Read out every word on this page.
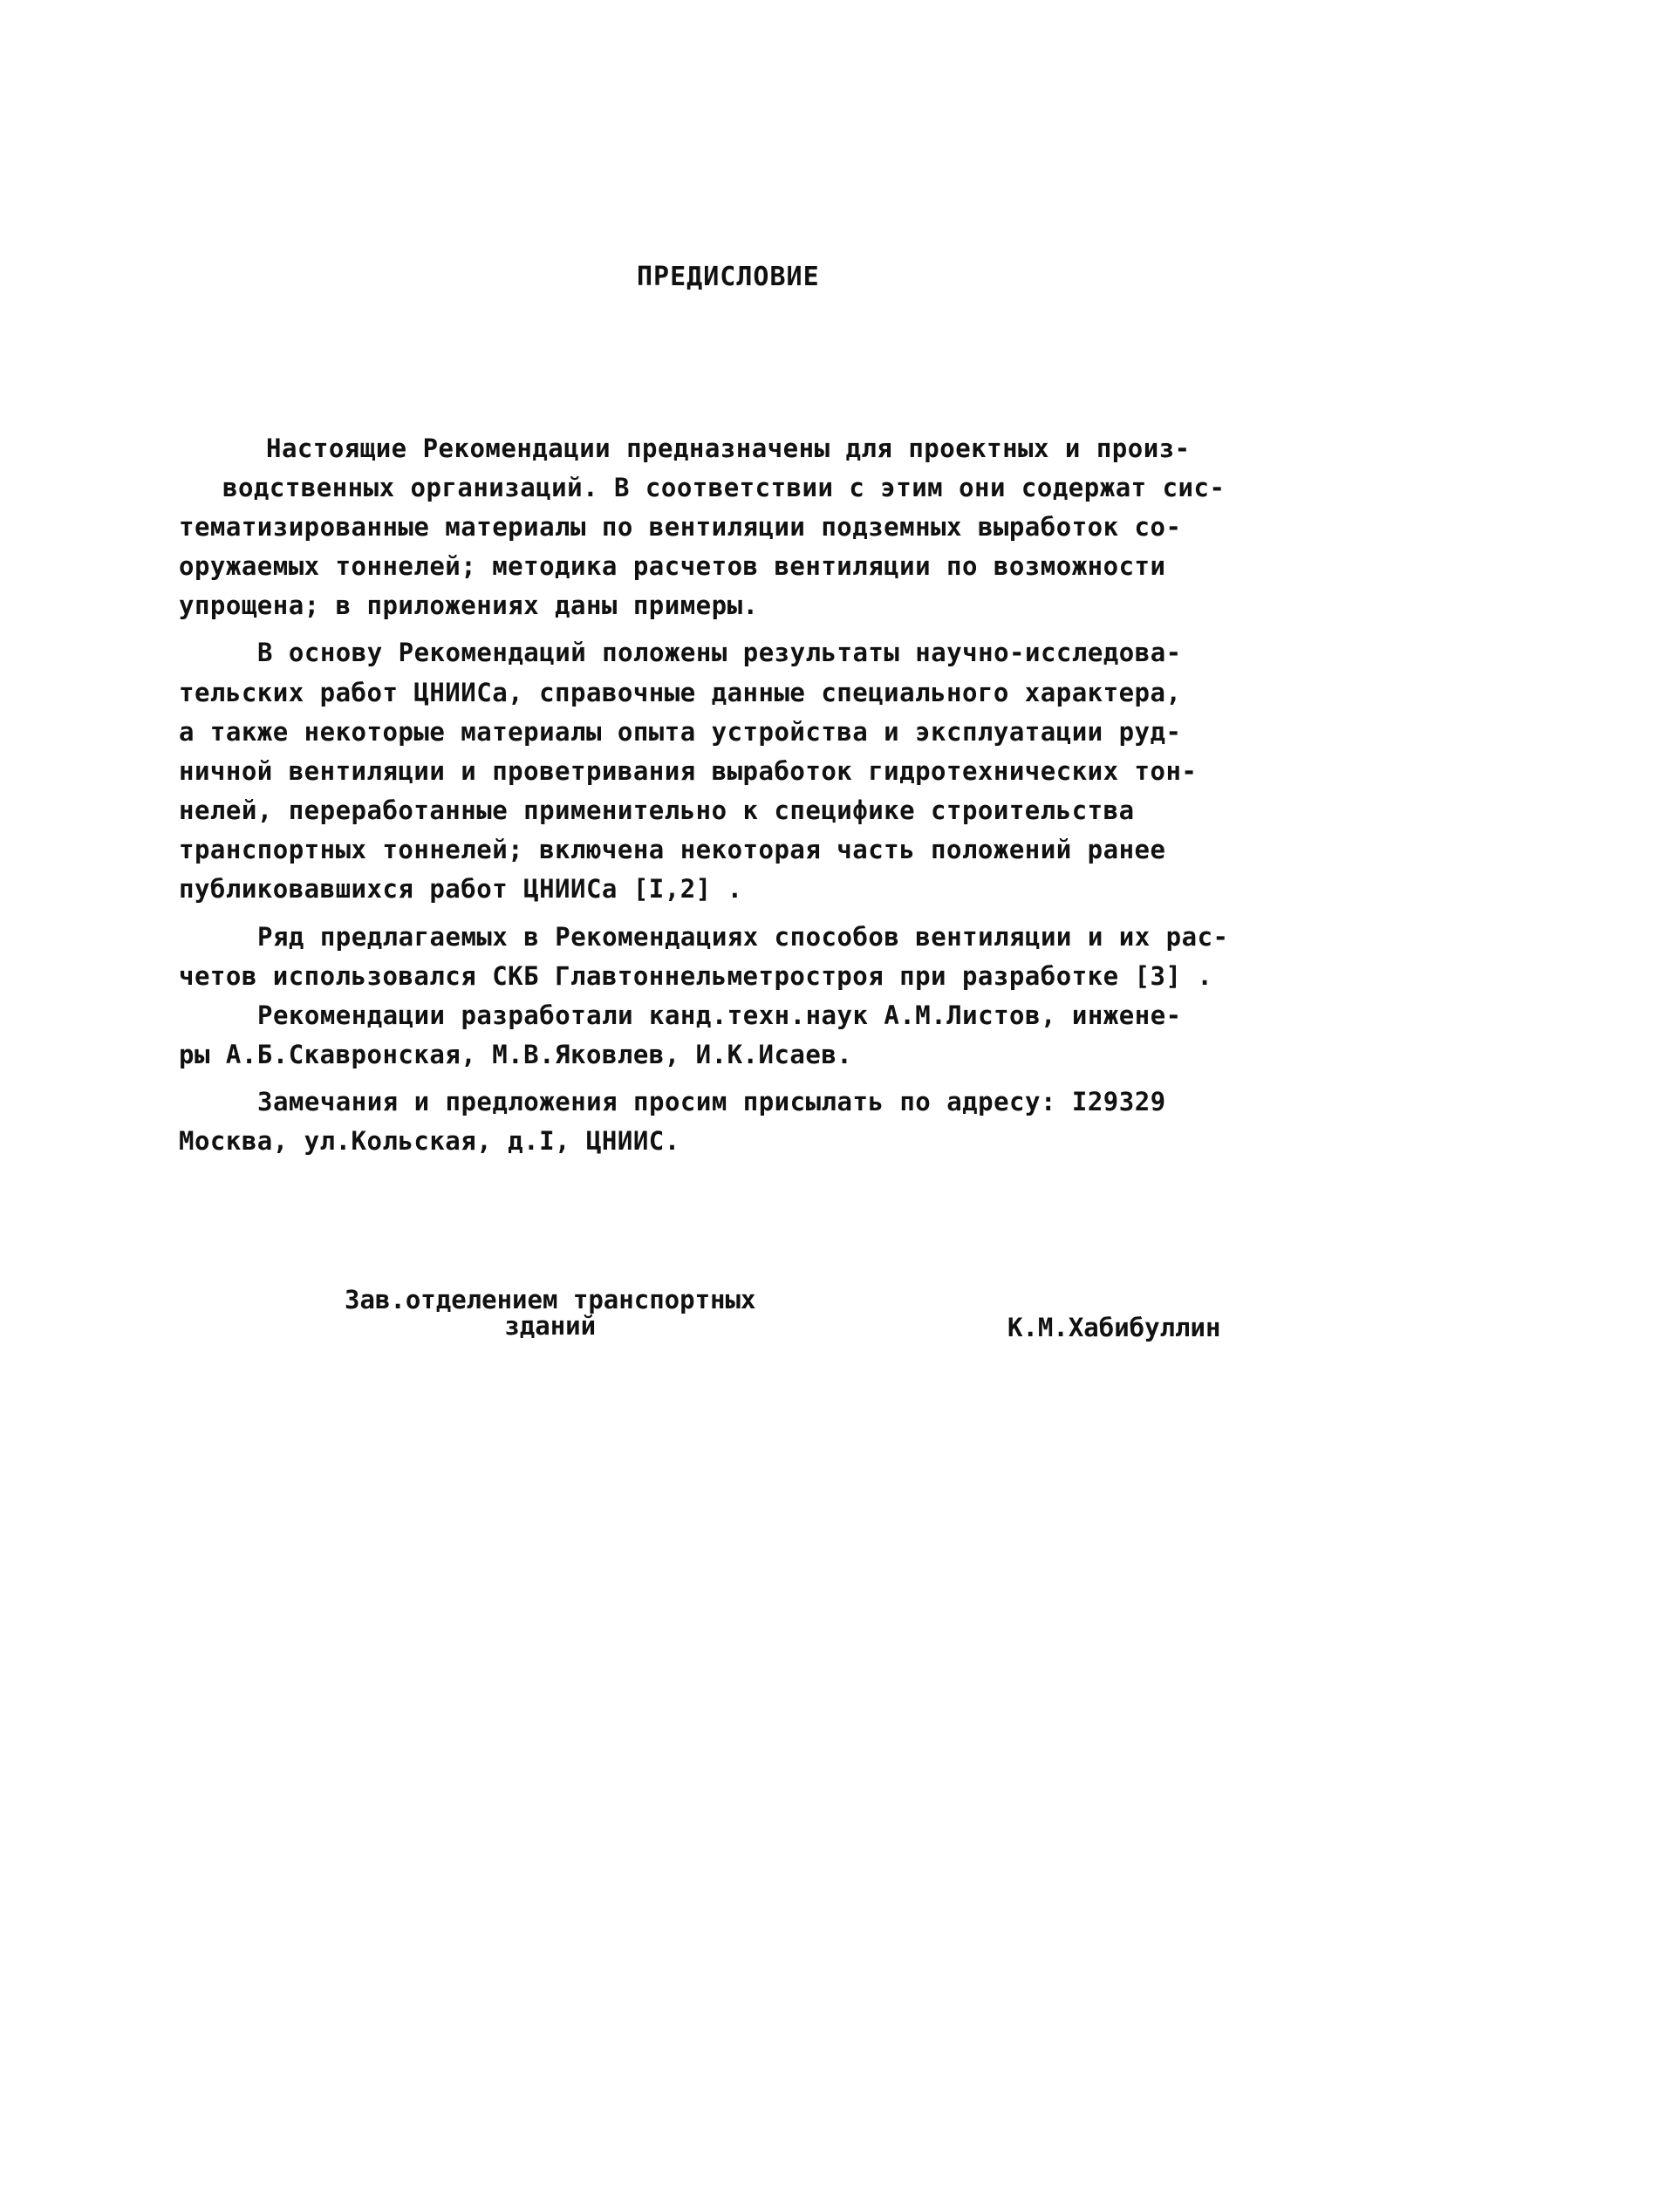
ПРЕДИСЛОВИЕ
Настоящие Рекомендации предназначены для проектных и произ-
водственных организаций. В соответствии с этим они содержат сис-
тематизированные материалы по вентиляции подземных выработок со-
оружаемых тоннелей; методика расчетов вентиляции по возможности
упрощена; в приложениях даны примеры.
В основу Рекомендаций положены результаты научно-исследова-
тельских работ ЦНИИСа, справочные данные специального характера,
а также некоторые материалы опыта устройства и эксплуатации руд-
ничной вентиляции и проветривания выработок гидротехнических тон-
нелей, переработанные применительно к специфике строительства
транспортных тоннелей; включена некоторая часть положений ранее
публиковавшихся работ ЦНИИСа [I,2] .
Ряд предлагаемых в Рекомендациях способов вентиляции и их рас-
четов использовался СКБ Главтоннельметростроя при разработке [3] .
Рекомендации разработали канд.техн.наук А.М.Листов, инжене-
ры А.Б.Скавронская, М.В.Яковлев, И.К.Исаев.
Замечания и предложения просим присылать по адресу: I29329
Москва, ул.Кольская, д.I, ЦНИИС.
Зав.отделением транспортных
зданий	К.М.Хабибуллин
